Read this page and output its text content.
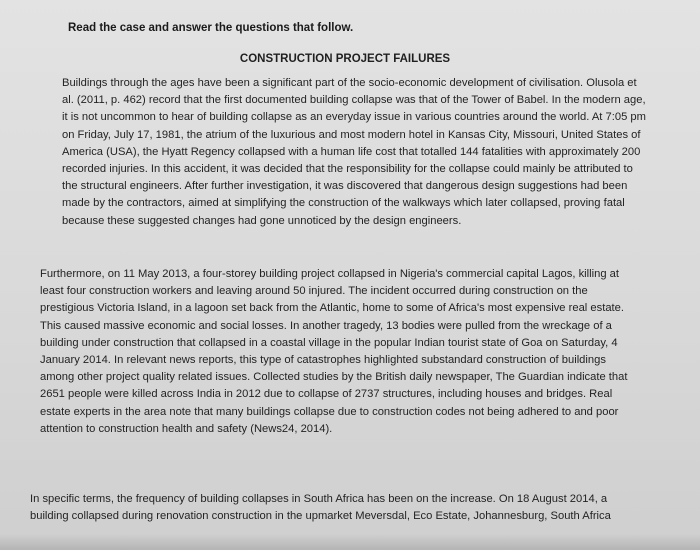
Read the case and answer the questions that follow.
CONSTRUCTION PROJECT FAILURES
Buildings through the ages have been a significant part of the socio-economic development of civilisation. Olusola et
al. (2011, p. 462) record that the first documented building collapse was that of the Tower of Babel. In the modern age,
it is not uncommon to hear of building collapse as an everyday issue in various countries around the world. At 7:05 pm
on Friday, July 17, 1981, the atrium of the luxurious and most modern hotel in Kansas City, Missouri, United States of
America (USA), the Hyatt Regency collapsed with a human life cost that totalled 144 fatalities with approximately 200
recorded injuries. In this accident, it was decided that the responsibility for the collapse could mainly be attributed to
the structural engineers. After further investigation, it was discovered that dangerous design suggestions had been
made by the contractors, aimed at simplifying the construction of the walkways which later collapsed, proving fatal
because these suggested changes had gone unnoticed by the design engineers.
Furthermore, on 11 May 2013, a four-storey building project collapsed in Nigeria's commercial capital Lagos, killing at
least four construction workers and leaving around 50 injured. The incident occurred during construction on the
prestigious Victoria Island, in a lagoon set back from the Atlantic, home to some of Africa's most expensive real estate.
This caused massive economic and social losses. In another tragedy, 13 bodies were pulled from the wreckage of a
building under construction that collapsed in a coastal village in the popular Indian tourist state of Goa on Saturday, 4
January 2014. In relevant news reports, this type of catastrophes highlighted substandard construction of buildings
among other project quality related issues. Collected studies by the British daily newspaper, The Guardian indicate that
2651 people were killed across India in 2012 due to collapse of 2737 structures, including houses and bridges. Real
estate experts in the area note that many buildings collapse due to construction codes not being adhered to and poor
attention to construction health and safety (News24, 2014).
In specific terms, the frequency of building collapses in South Africa has been on the increase. On 18 August 2014, a
building collapsed during renovation construction in the upmarket Meversdal, Eco Estate, Johannesburg, South Africa
